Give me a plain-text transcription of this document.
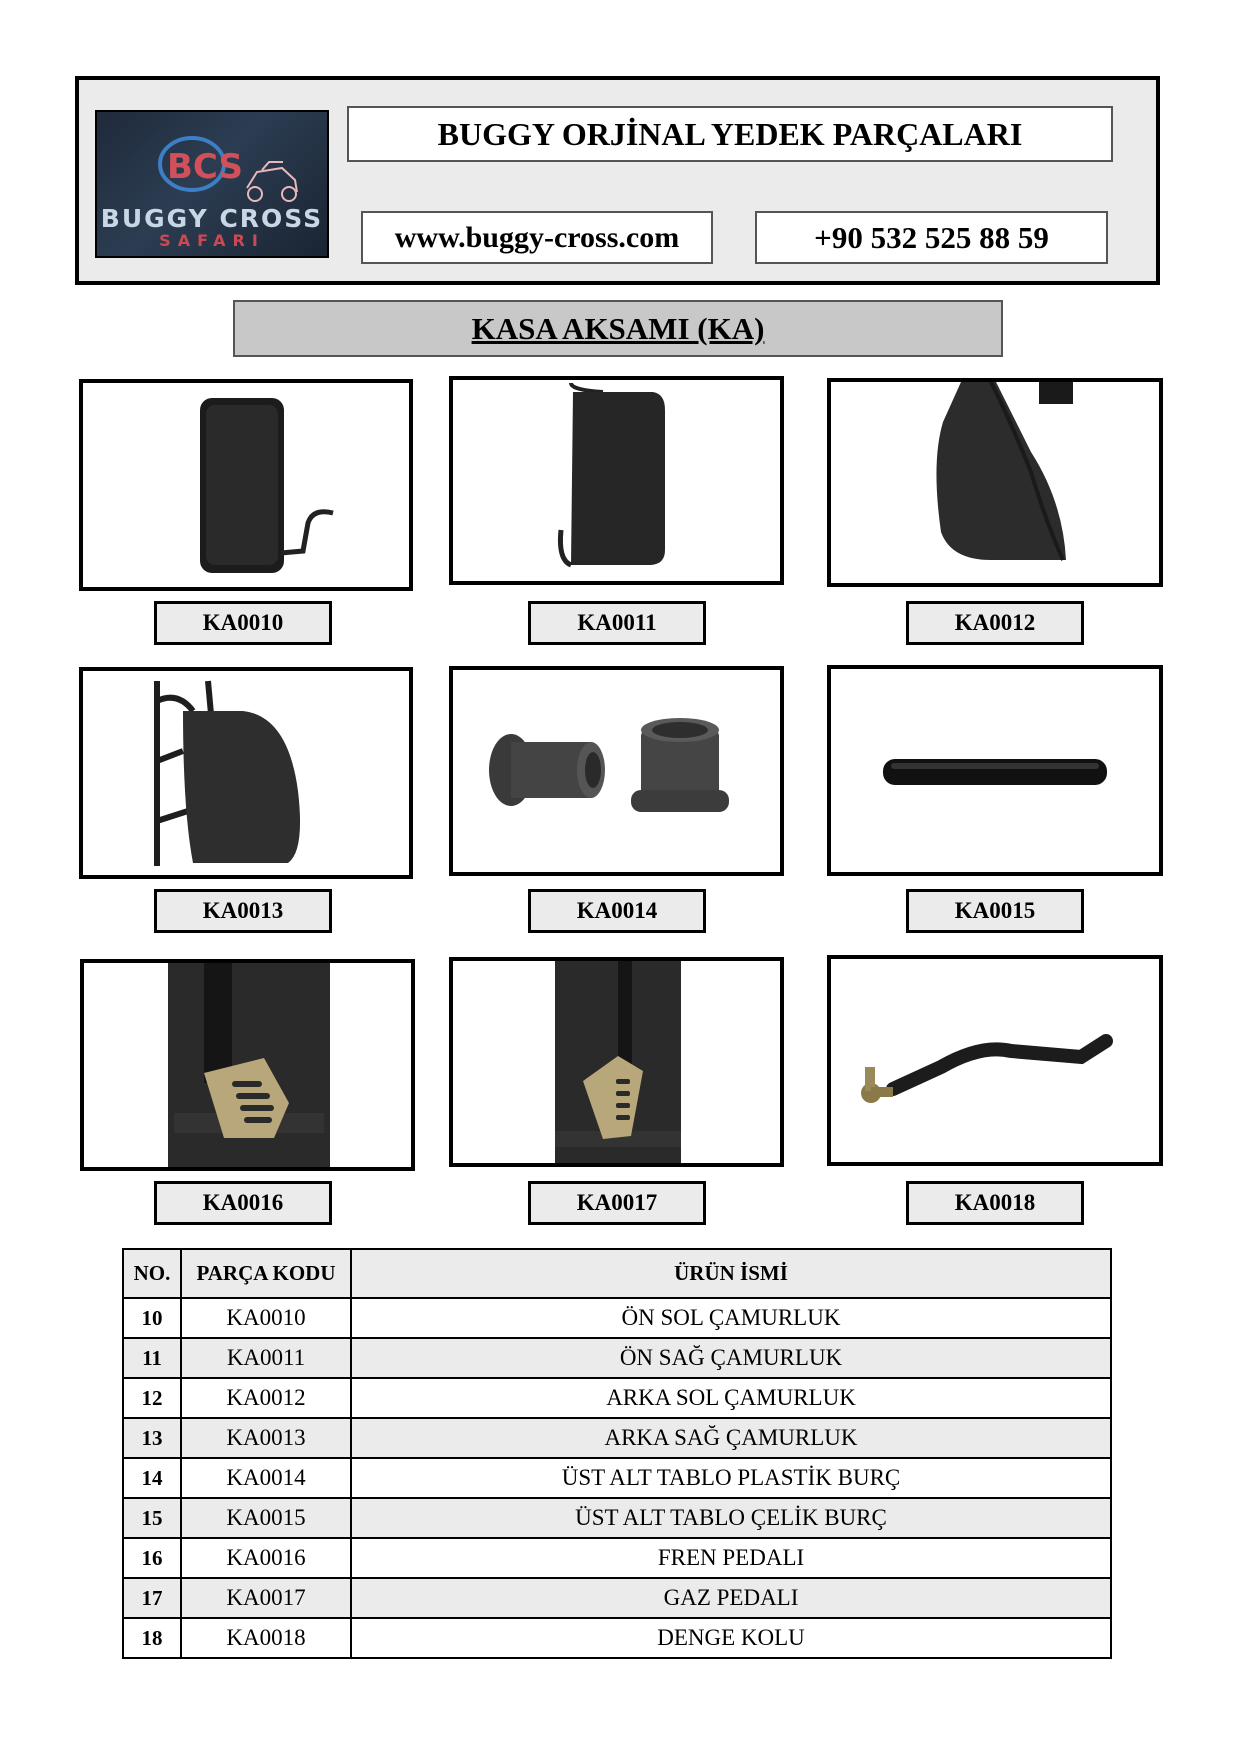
BCS
BUGGY CROSS
SAFARI
BUGGY ORJİNAL YEDEK PARÇALARI
www.buggy-cross.com	+90 532 525 88 59
KASA AKSAMI (KA)
KA0010	KA0011	KA0012
KA0013	KA0014	KA0015
KA0016	KA0017	KA0018
NO.	PARÇA KODU	ÜRÜN İSMİ
10	KA0010	ÖN SOL ÇAMURLUK
11	KA0011	ÖN SAĞ ÇAMURLUK
12	KA0012	ARKA SOL ÇAMURLUK
13	KA0013	ARKA SAĞ ÇAMURLUK
14	KA0014	ÜST ALT TABLO PLASTİK BURÇ
15	KA0015	ÜST ALT TABLO ÇELİK BURÇ
16	KA0016	FREN PEDALI
17	KA0017	GAZ PEDALI
18	KA0018	DENGE KOLU
